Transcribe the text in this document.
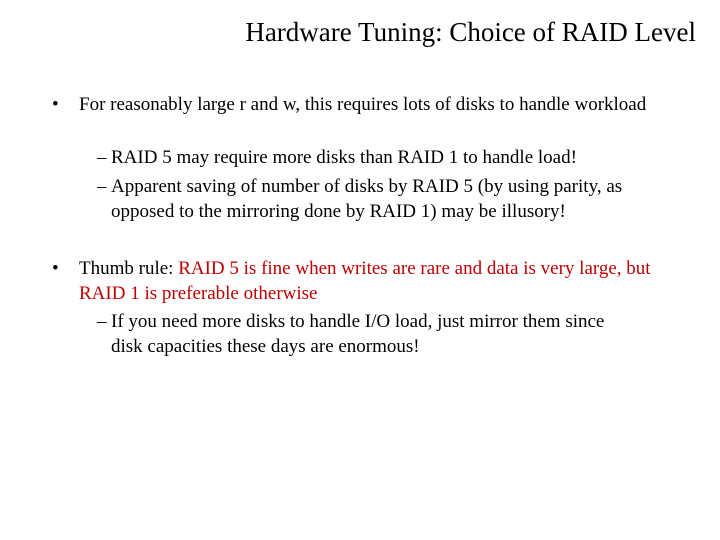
Hardware Tuning: Choice of RAID Level
• For reasonably large r and w, this requires lots of disks to handle workload
– RAID 5 may require more disks than RAID 1 to handle load!
– Apparent saving of number of disks by RAID 5 (by using parity, as opposed to the mirroring done by RAID 1) may be illusory!
• Thumb rule: RAID 5 is fine when writes are rare and data is very large, but RAID 1 is preferable otherwise
– If you need more disks to handle I/O load, just mirror them since disk capacities these days are enormous!
